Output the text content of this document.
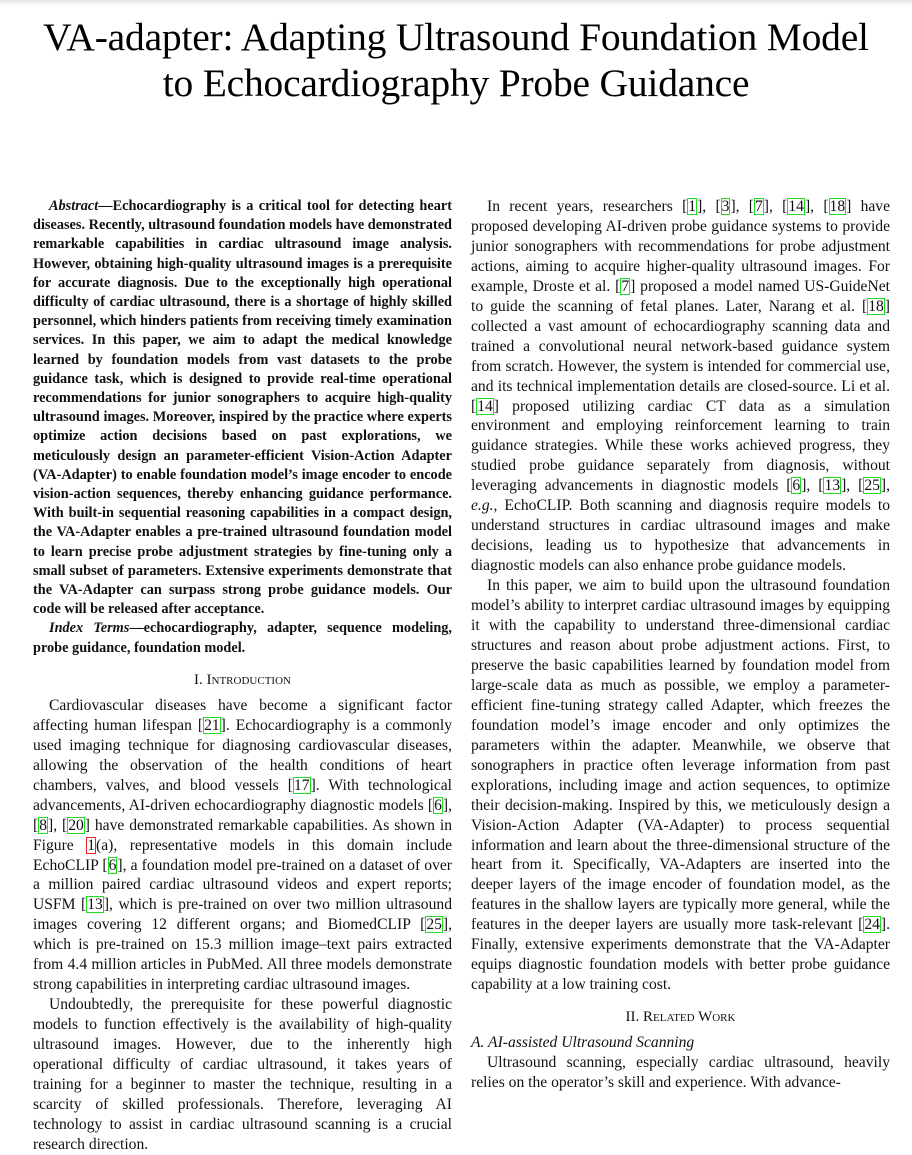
VA-adapter: Adapting Ultrasound Foundation Model
to Echocardiography Probe Guidance

Abstract—Echocardiography is a critical tool for detecting heart diseases. Recently, ultrasound foundation models have demonstrated remarkable capabilities in cardiac ultrasound image analysis. However, obtaining high-quality ultrasound images is a prerequisite for accurate diagnosis. Due to the exceptionally high operational difficulty of cardiac ultrasound, there is a shortage of highly skilled personnel, which hinders patients from receiving timely examination services. In this paper, we aim to adapt the medical knowledge learned by foundation models from vast datasets to the probe guidance task, which is designed to provide real-time operational recommendations for junior sonographers to acquire high-quality ultrasound images. Moreover, inspired by the practice where experts optimize action decisions based on past explorations, we meticulously design an parameter-efficient Vision-Action Adapter (VA-Adapter) to enable foundation model’s image encoder to encode vision-action sequences, thereby enhancing guidance performance. With built-in sequential reasoning capabilities in a compact design, the VA-Adapter enables a pre-trained ultrasound foundation model to learn precise probe adjustment strategies by fine-tuning only a small subset of parameters. Extensive experiments demonstrate that the VA-Adapter can surpass strong probe guidance models. Our code will be released after acceptance.

Index Terms—echocardiography, adapter, sequence modeling, probe guidance, foundation model.

I. Introduction

Cardiovascular diseases have become a significant factor affecting human lifespan [21]. Echocardiography is a commonly used imaging technique for diagnosing cardiovascular diseases, allowing the observation of the health conditions of heart chambers, valves, and blood vessels [17]. With technological advancements, AI-driven echocardiography diagnostic models [6], [8], [20] have demonstrated remarkable capabilities. As shown in Figure 1(a), representative models in this domain include EchoCLIP [6], a foundation model pre-trained on a dataset of over a million paired cardiac ultrasound videos and expert reports; USFM [13], which is pre-trained on over two million ultrasound images covering 12 different organs; and BiomedCLIP [25], which is pre-trained on 15.3 million image–text pairs extracted from 4.4 million articles in PubMed. All three models demonstrate strong capabilities in interpreting cardiac ultrasound images.

Undoubtedly, the prerequisite for these powerful diagnostic models to function effectively is the availability of high-quality ultrasound images. However, due to the inherently high operational difficulty of cardiac ultrasound, it takes years of training for a beginner to master the technique, resulting in a scarcity of skilled professionals. Therefore, leveraging AI technology to assist in cardiac ultrasound scanning is a crucial research direction.

In recent years, researchers [1], [3], [7], [14], [18] have proposed developing AI-driven probe guidance systems to provide junior sonographers with recommendations for probe adjustment actions, aiming to acquire higher-quality ultrasound images. For example, Droste et al. [7] proposed a model named US-GuideNet to guide the scanning of fetal planes. Later, Narang et al. [18] collected a vast amount of echocardiography scanning data and trained a convolutional neural network-based guidance system from scratch. However, the system is intended for commercial use, and its technical implementation details are closed-source. Li et al. [14] proposed utilizing cardiac CT data as a simulation environment and employing reinforcement learning to train guidance strategies. While these works achieved progress, they studied probe guidance separately from diagnosis, without leveraging advancements in diagnostic models [6], [13], [25], e.g., EchoCLIP. Both scanning and diagnosis require models to understand structures in cardiac ultrasound images and make decisions, leading us to hypothesize that advancements in diagnostic models can also enhance probe guidance models.

In this paper, we aim to build upon the ultrasound foundation model’s ability to interpret cardiac ultrasound images by equipping it with the capability to understand three-dimensional cardiac structures and reason about probe adjustment actions. First, to preserve the basic capabilities learned by foundation model from large-scale data as much as possible, we employ a parameter-efficient fine-tuning strategy called Adapter, which freezes the foundation model’s image encoder and only optimizes the parameters within the adapter. Meanwhile, we observe that sonographers in practice often leverage information from past explorations, including image and action sequences, to optimize their decision-making. Inspired by this, we meticulously design a Vision-Action Adapter (VA-Adapter) to process sequential information and learn about the three-dimensional structure of the heart from it. Specifically, VA-Adapters are inserted into the deeper layers of the image encoder of foundation model, as the features in the shallow layers are typically more general, while the features in the deeper layers are usually more task-relevant [24]. Finally, extensive experiments demonstrate that the VA-Adapter equips diagnostic foundation models with better probe guidance capability at a low training cost.

II. Related Work

A. AI-assisted Ultrasound Scanning

Ultrasound scanning, especially cardiac ultrasound, heavily relies on the operator’s skill and experience. With advance-
